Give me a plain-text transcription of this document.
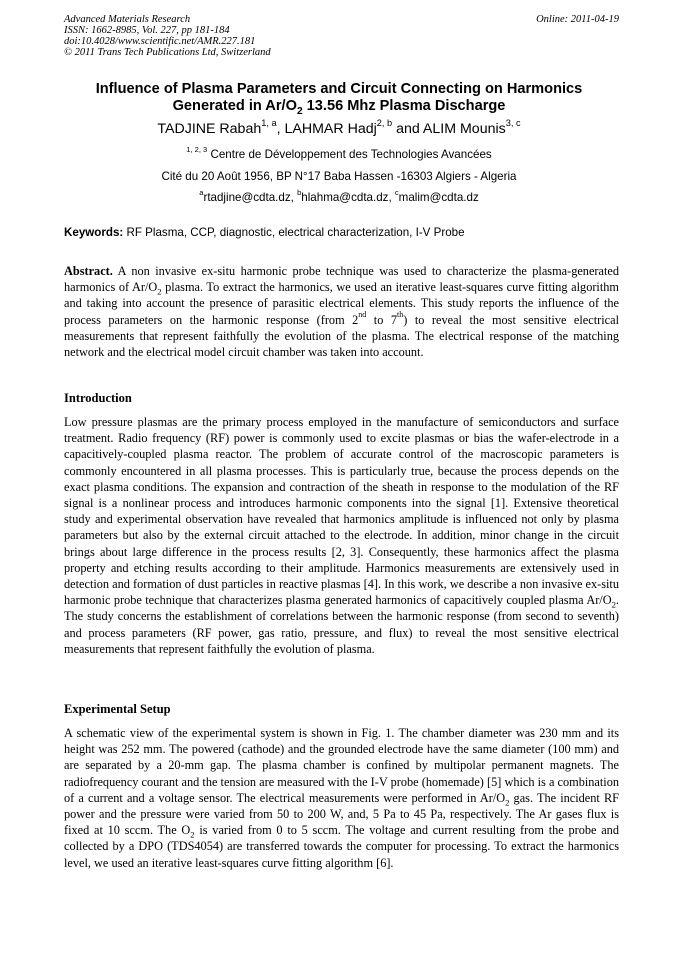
Advanced Materials Research
ISSN: 1662-8985, Vol. 227, pp 181-184
doi:10.4028/www.scientific.net/AMR.227.181
© 2011 Trans Tech Publications Ltd, Switzerland
Online: 2011-04-19
Influence of Plasma Parameters and Circuit Connecting on Harmonics
Generated in $Ar/O_2$ 13.56 Mhz Plasma Discharge
TADJINE Rabah$^{1, a}$, LAHMAR Hadj$^{2, b}$ and ALIM Mounis$^{3, c}$
$^{1, 2, 3}$ Centre de Développement des Technologies Avancées
Cité du 20 Août 1956, BP N°17 Baba Hassen -16303 Algiers - Algeria
$^a$rtadjine@cdta.dz, $^b$hlahma@cdta.dz, $^c$malim@cdta.dz
Keywords: RF Plasma, CCP, diagnostic, electrical characterization, I-V Probe
Abstract. A non invasive ex-situ harmonic probe technique was used to characterize the plasma-generated harmonics of $Ar/O_2$ plasma. To extract the harmonics, we used an iterative least-squares curve fitting algorithm and taking into account the presence of parasitic electrical elements. This study reports the influence of the process parameters on the harmonic response (from 2nd to 7th) to reveal the most sensitive electrical measurements that represent faithfully the evolution of the plasma. The electrical response of the matching network and the electrical model circuit chamber was taken into account.
Introduction
Low pressure plasmas are the primary process employed in the manufacture of semiconductors and surface treatment. Radio frequency (RF) power is commonly used to excite plasmas or bias the wafer-electrode in a capacitively-coupled plasma reactor. The problem of accurate control of the macroscopic parameters is commonly encountered in all plasma processes. This is particularly true, because the process depends on the exact plasma conditions. The expansion and contraction of the sheath in response to the modulation of the RF signal is a nonlinear process and introduces harmonic components into the signal [1]. Extensive theoretical study and experimental observation have revealed that harmonics amplitude is influenced not only by plasma parameters but also by the external circuit attached to the electrode. In addition, minor change in the circuit brings about large difference in the process results [2, 3]. Consequently, these harmonics affect the plasma property and etching results according to their amplitude. Harmonics measurements are extensively used in detection and formation of dust particles in reactive plasmas [4]. In this work, we describe a non invasive ex-situ harmonic probe technique that characterizes plasma generated harmonics of capacitively coupled plasma $Ar/O_2$. The study concerns the establishment of correlations between the harmonic response (from second to seventh) and process parameters (RF power, gas ratio, pressure, and flux) to reveal the most sensitive electrical measurements that represent faithfully the evolution of plasma.
Experimental Setup
A schematic view of the experimental system is shown in Fig. 1. The chamber diameter was 230 mm and its height was 252 mm. The powered (cathode) and the grounded electrode have the same diameter (100 mm) and are separated by a 20-mm gap. The plasma chamber is confined by multipolar permanent magnets. The radiofrequency courant and the tension are measured with the I-V probe (homemade) [5] which is a combination of a current and a voltage sensor. The electrical measurements were performed in $Ar/O_2$ gas. The incident RF power and the pressure were varied from 50 to 200 W, and, 5 Pa to 45 Pa, respectively. The Ar gases flux is fixed at 10 sccm. The $O_2$ is varied from 0 to 5 sccm. The voltage and current resulting from the probe and collected by a DPO (TDS4054) are transferred towards the computer for processing. To extract the harmonics level, we used an iterative least-squares curve fitting algorithm [6].
